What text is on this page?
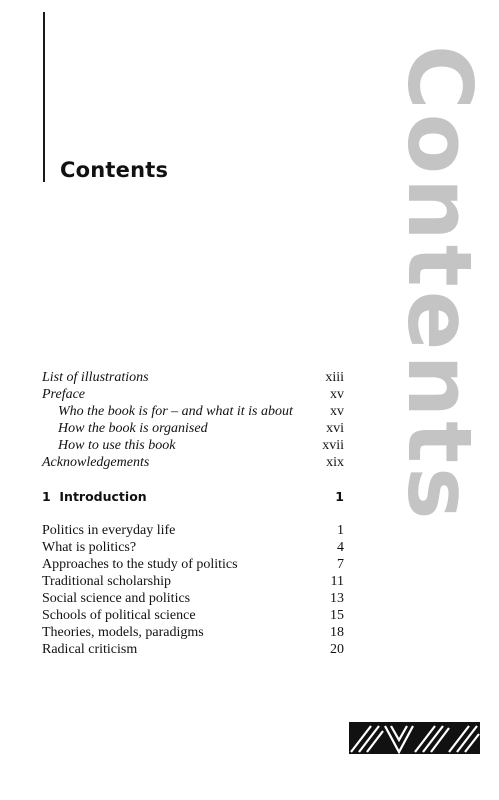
Contents Contents
List of illustrations	xiii
Preface	xv
Who the book is for – and what it is about	xv
How the book is organised	xvi
How to use this book	xvii
Acknowledgements	xix
1  Introduction	1
Politics in everyday life	1
What is politics?	4
Approaches to the study of politics	7
Traditional scholarship	11
Social science and politics	13
Schools of political science	15
Theories, models, paradigms	18
Radical criticism	20
